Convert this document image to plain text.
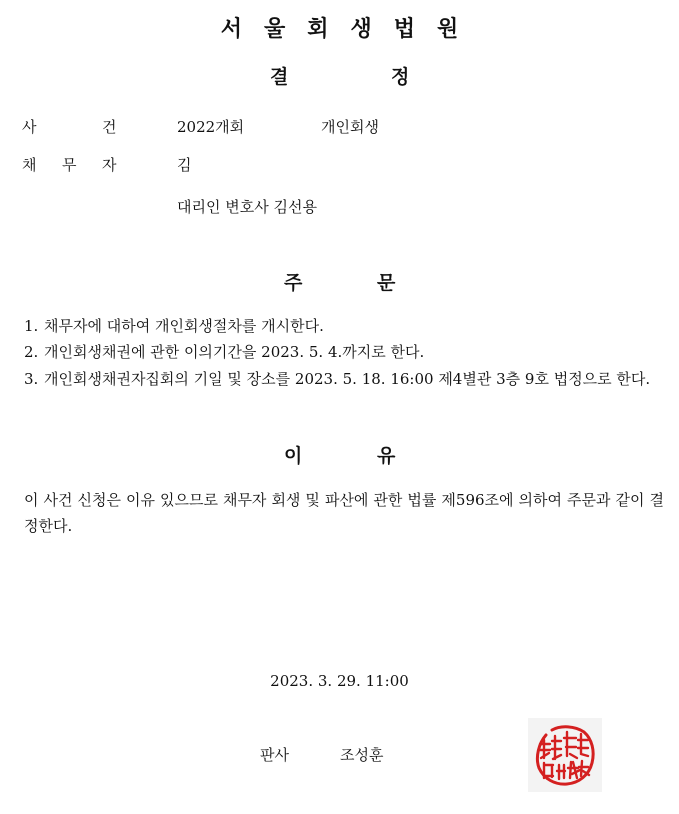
서 울 회 생 법 원
결	정
사	건	2022개회	개인회생
채 무 자	김
대리인 변호사 김선용
주	문
1. 채무자에 대하여 개인회생절차를 개시한다.
2. 개인회생채권에 관한 이의기간을 2023. 5. 4.까지로 한다.
3. 개인회생채권자집회의 기일 및 장소를 2023. 5. 18. 16:00 제4별관 3층 9호 법정으로 한다.
이	유
이 사건 신청은 이유 있으므로 채무자 회생 및 파산에 관한 법률 제596조에 의하여 주문과 같이 결정한다.
2023. 3. 29. 11:00
판사	조성훈
